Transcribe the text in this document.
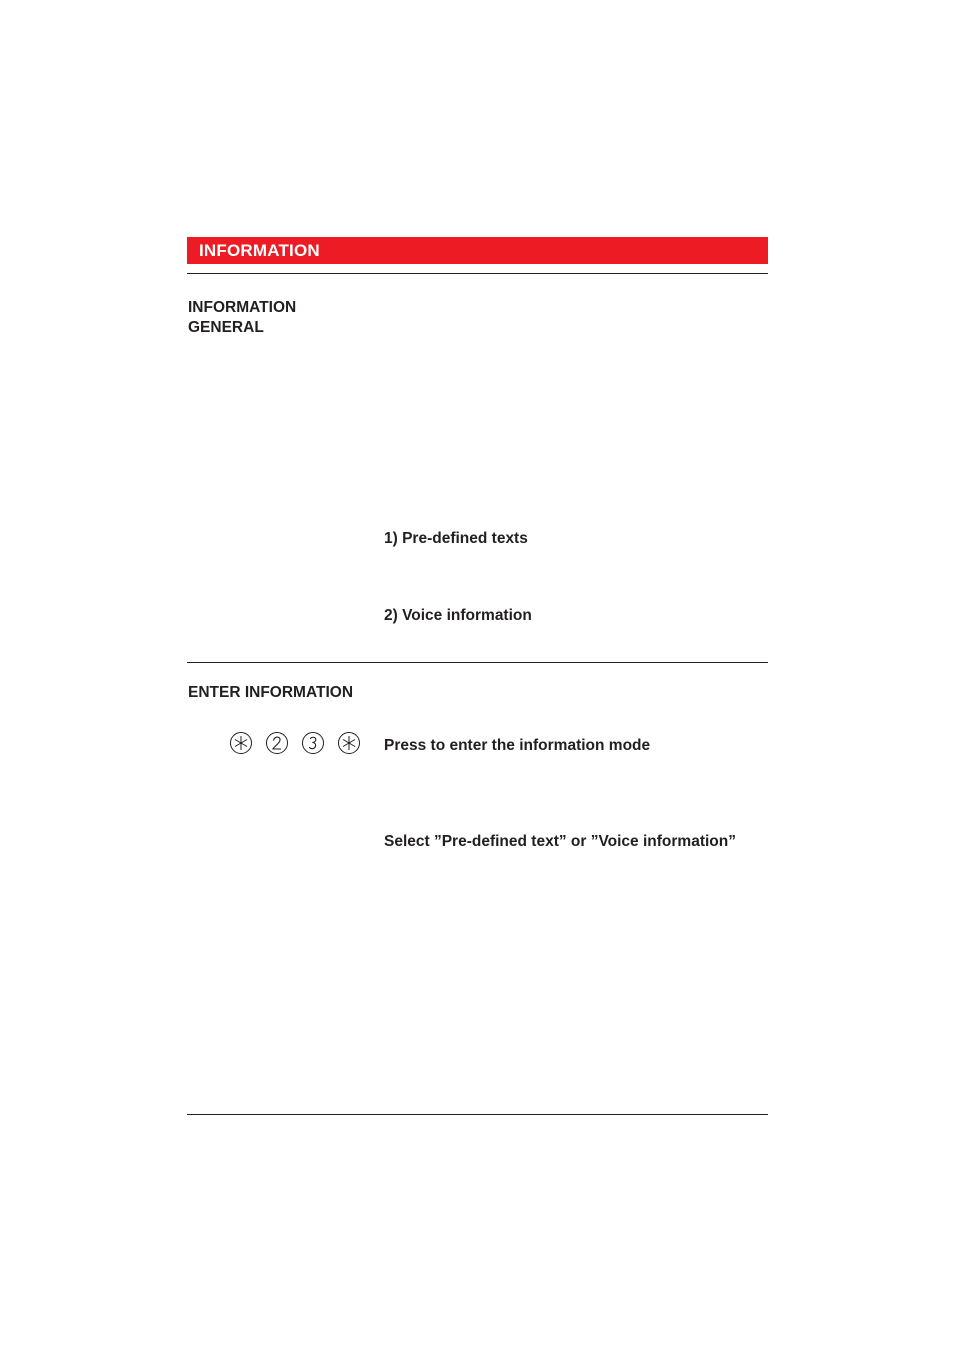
INFORMATION
INFORMATION
GENERAL
1) Pre-defined texts
2) Voice information
ENTER INFORMATION
Press to enter the information mode
Select ”Pre-defined text” or ”Voice information”
